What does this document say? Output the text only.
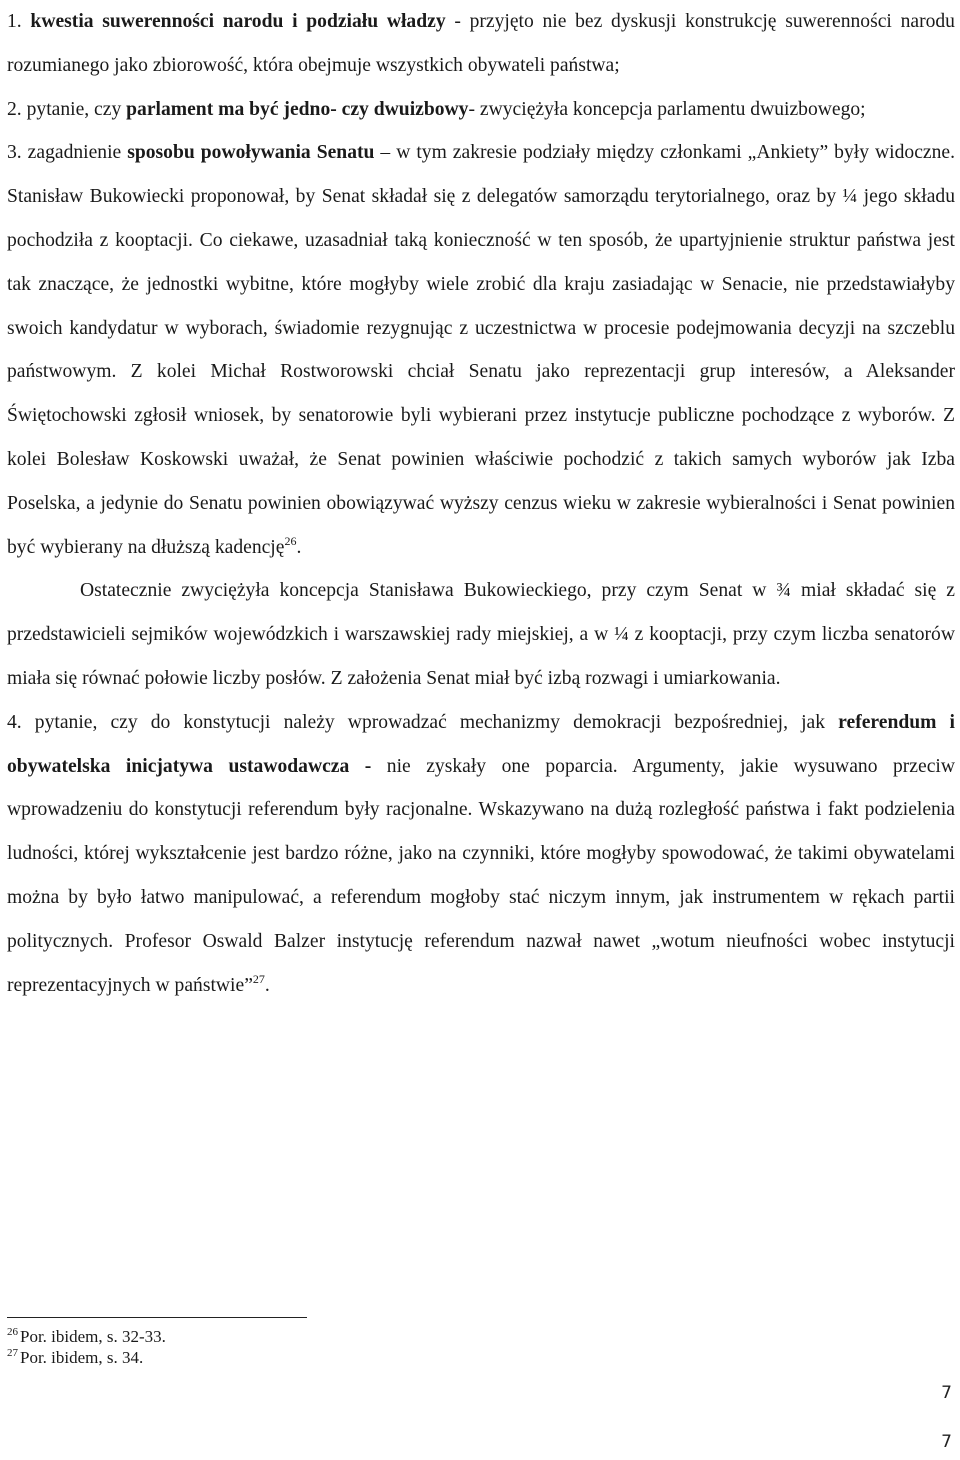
1. kwestia suwerenności narodu i podziału władzy - przyjęto nie bez dyskusji konstrukcję suwerenności narodu rozumianego jako zbiorowość, która obejmuje wszystkich obywateli państwa;

2. pytanie, czy parlament ma być jedno- czy dwuizbowy- zwyciężyła koncepcja parlamentu dwuizbowego;

3. zagadnienie sposobu powoływania Senatu – w tym zakresie podziały między członkami „Ankiety” były widoczne. Stanisław Bukowiecki proponował, by Senat składał się z delegatów samorządu terytorialnego, oraz by ¼ jego składu pochodziła z kooptacji. Co ciekawe, uzasadniał taką konieczność w ten sposób, że upartyjnienie struktur państwa jest tak znaczące, że jednostki wybitne, które mogłyby wiele zrobić dla kraju zasiadając w Senacie, nie przedstawiałyby swoich kandydatur w wyborach, świadomie rezygnując z uczestnictwa w procesie podejmowania decyzji na szczeblu państwowym. Z kolei Michał Rostworowski chciał Senatu jako reprezentacji grup interesów, a Aleksander Świętochowski zgłosił wniosek, by senatorowie byli wybierani przez instytucje publiczne pochodzące z wyborów. Z kolei Bolesław Koskowski uważał, że Senat powinien właściwie pochodzić z takich samych wyborów jak Izba Poselska, a jedynie do Senatu powinien obowiązywać wyższy cenzus wieku w zakresie wybieralności i Senat powinien być wybierany na dłuższą kadencję$^{26}$.

Ostatecznie zwyciężyła koncepcja Stanisława Bukowieckiego, przy czym Senat w ¾ miał składać się z przedstawicieli sejmików wojewódzkich i warszawskiej rady miejskiej, a w ¼ z kooptacji, przy czym liczba senatorów miała się równać połowie liczby posłów. Z założenia Senat miał być izbą rozwagi i umiarkowania.

4. pytanie, czy do konstytucji należy wprowadzać mechanizmy demokracji bezpośredniej, jak referendum i obywatelska inicjatywa ustawodawcza - nie zyskały one poparcia. Argumenty, jakie wysuwano przeciw wprowadzeniu do konstytucji referendum były racjonalne. Wskazywano na dużą rozległość państwa i fakt podzielenia ludności, której wykształcenie jest bardzo różne, jako na czynniki, które mogłyby spowodować, że takimi obywatelami można by było łatwo manipulować, a referendum mogłoby stać niczym innym, jak instrumentem w rękach partii politycznych. Profesor Oswald Balzer instytucję referendum nazwał nawet „wotum nieufności wobec instytucji reprezentacyjnych w państwie”$^{27}$.

$^{26}$ Por. ibidem, s. 32-33.
$^{27}$ Por. ibidem, s. 34.
7
7
